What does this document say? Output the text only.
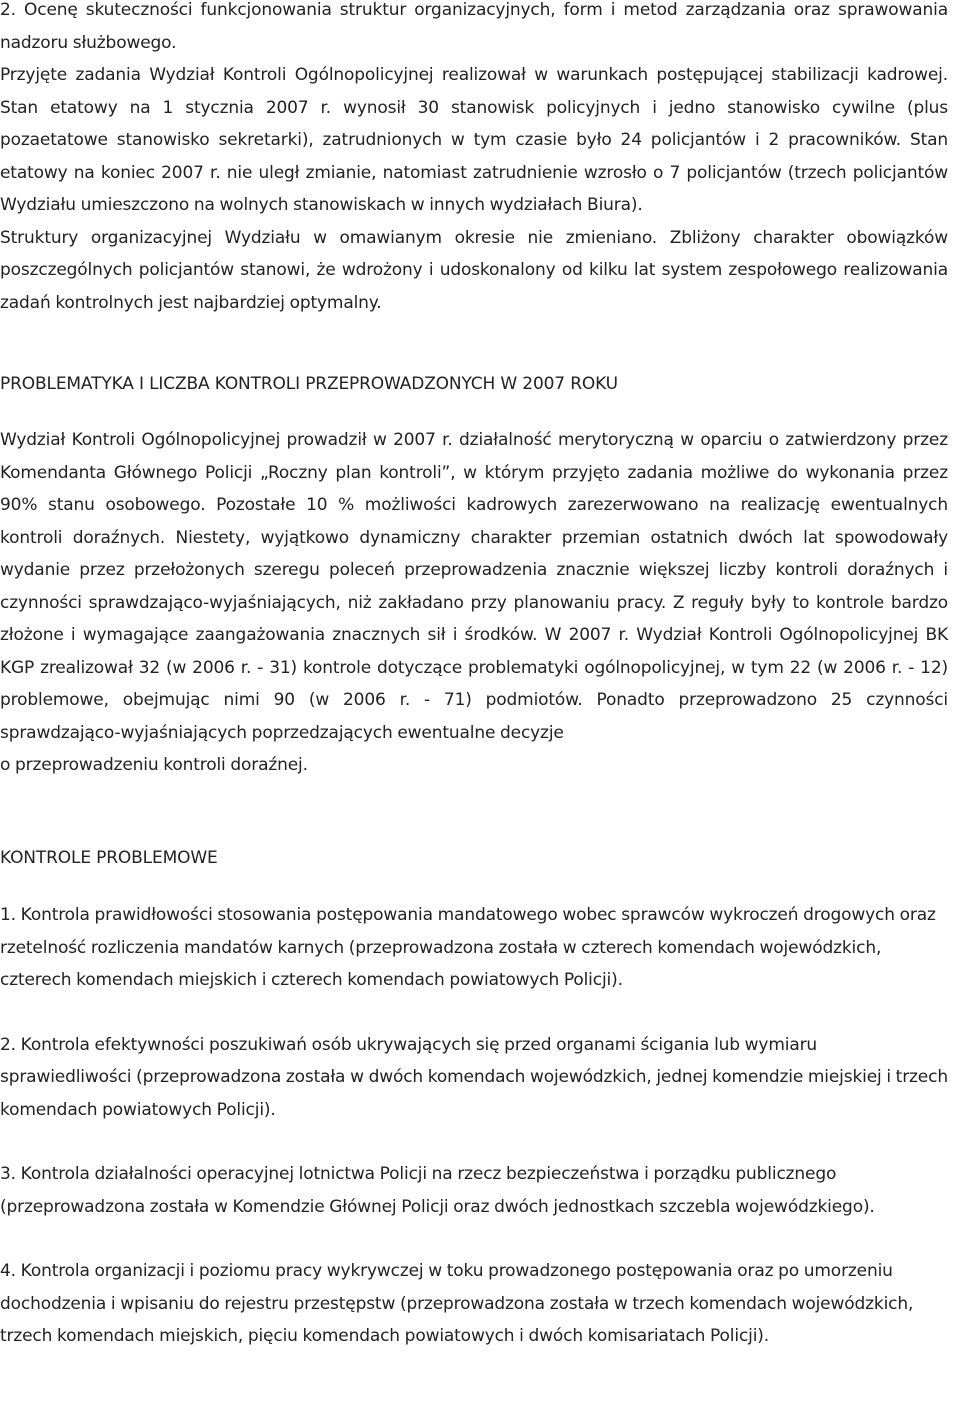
2. Ocenę skuteczności funkcjonowania struktur organizacyjnych, form i metod zarządzania oraz sprawowania nadzoru służbowego.

Przyjęte zadania Wydział Kontroli Ogólnopolicyjnej realizował w warunkach postępującej stabilizacji kadrowej. Stan etatowy na 1 stycznia 2007 r. wynosił 30 stanowisk policyjnych i jedno stanowisko cywilne (plus pozaetatowe stanowisko sekretarki), zatrudnionych w tym czasie było 24 policjantów i 2 pracowników. Stan etatowy na koniec 2007 r. nie uległ zmianie, natomiast zatrudnienie wzrosło o 7 policjantów (trzech policjantów Wydziału umieszczono na wolnych stanowiskach w innych wydziałach Biura).

Struktury organizacyjnej Wydziału w omawianym okresie nie zmieniano. Zbliżony charakter obowiązków poszczególnych policjantów stanowi, że wdrożony i udoskonalony od kilku lat system zespołowego realizowania zadań kontrolnych jest najbardziej optymalny.

PROBLEMATYKA I LICZBA KONTROLI PRZEPROWADZONYCH W 2007 ROKU

Wydział Kontroli Ogólnopolicyjnej prowadził w 2007 r. działalność merytoryczną w oparciu o zatwierdzony przez Komendanta Głównego Policji „Roczny plan kontroli”, w którym przyjęto zadania możliwe do wykonania przez 90% stanu osobowego. Pozostałe 10 % możliwości kadrowych zarezerwowano na realizację ewentualnych kontroli doraźnych. Niestety, wyjątkowo dynamiczny charakter przemian ostatnich dwóch lat spowodowały wydanie przez przełożonych szeregu poleceń przeprowadzenia znacznie większej liczby kontroli doraźnych i czynności sprawdzająco-wyjaśniających, niż zakładano przy planowaniu pracy. Z reguły były to kontrole bardzo złożone i wymagające zaangażowania znacznych sił i środków. W 2007 r. Wydział Kontroli Ogólnopolicyjnej BK KGP zrealizował 32 (w 2006 r. - 31) kontrole dotyczące problematyki ogólnopolicyjnej, w tym 22 (w 2006 r. - 12) problemowe, obejmując nimi 90 (w 2006 r. - 71) podmiotów. Ponadto przeprowadzono 25 czynności sprawdzająco-wyjaśniających poprzedzających ewentualne decyzje

o przeprowadzeniu kontroli doraźnej.

KONTROLE PROBLEMOWE

1. Kontrola prawidłowości stosowania postępowania mandatowego wobec sprawców wykroczeń drogowych oraz rzetelność rozliczenia mandatów karnych (przeprowadzona została w czterech komendach wojewódzkich, czterech komendach miejskich i czterech komendach powiatowych Policji).

2. Kontrola efektywności poszukiwań osób ukrywających się przed organami ścigania lub wymiaru sprawiedliwości (przeprowadzona została w dwóch komendach wojewódzkich, jednej komendzie miejskiej i trzech komendach powiatowych Policji).

3. Kontrola działalności operacyjnej lotnictwa Policji na rzecz bezpieczeństwa i porządku publicznego (przeprowadzona została w Komendzie Głównej Policji oraz dwóch jednostkach szczebla wojewódzkiego).

4. Kontrola organizacji i poziomu pracy wykrywczej w toku prowadzonego postępowania oraz po umorzeniu dochodzenia i wpisaniu do rejestru przestępstw (przeprowadzona została w trzech komendach wojewódzkich, trzech komendach miejskich, pięciu komendach powiatowych i dwóch komisariatach Policji).
